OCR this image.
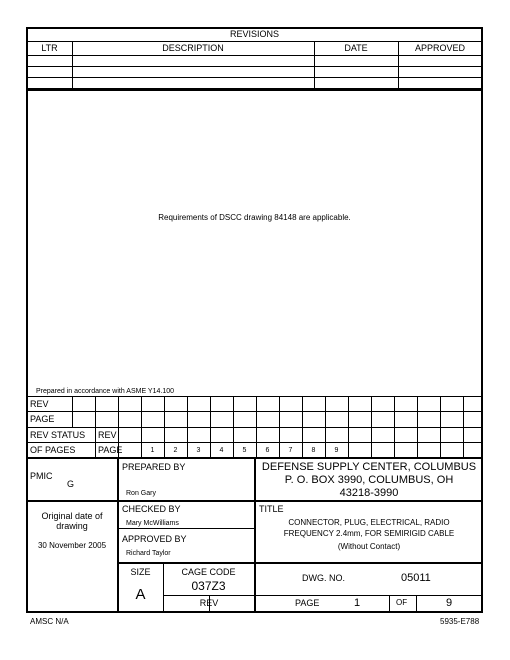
REVISIONS
LTR	DESCRIPTION	DATE	APPROVED
Requirements of DSCC drawing 84148 are applicable.
Prepared in accordance with ASME Y14.100
REV
PAGE
REV STATUS REV
OF PAGES	PAGE	1	2	3	4	5	6	7	8	9
PMIC
G
PREPARED BY
Ron Gary
DEFENSE SUPPLY CENTER, COLUMBUS
P. O. BOX 3990, COLUMBUS, OH
43218-3990
Original date of
drawing
30 November 2005
CHECKED BY
Mary McWilliams
APPROVED BY
Richard Taylor
TITLE
CONNECTOR, PLUG, ELECTRICAL, RADIO
FREQUENCY 2.4mm, FOR SEMIRIGID CABLE
(Without Contact)
SIZE
A
CAGE CODE
037Z3
DWG. NO.	05011
REV	PAGE	1	OF	9
AMSC N/A	5935-E788
